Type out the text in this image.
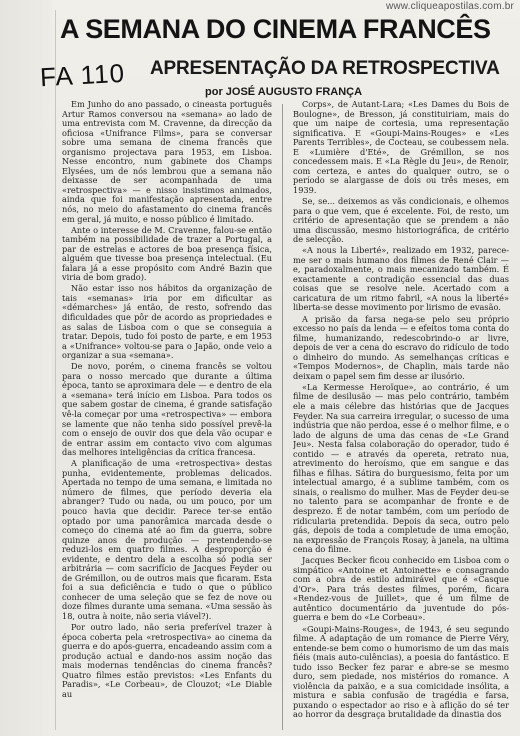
www.cliqueapostilas.com.br
A SEMANA DO CINEMA FRANCÊS
FA 110 APRESENTAÇÃO DA RETROSPECTIVA
por JOSÉ AUGUSTO FRANÇA

Em Junho do ano passado, o cineasta português Artur Ramos conversou na «semana» ao lado de uma entrevista com M. Cravenne, da direcção da oficiosa «Unifrance Films», para se conversar sobre uma semana de cinema francês que organismo projectava para 1953, em Lisboa. Nesse encontro, num gabinete dos Champs Elysées, um de nós lembrou que a semana não deixasse de ser acompanhada de uma «retrospectiva» — e nisso insistimos animados, ainda que foi manifestação apresentada, entre nós, no meio do afastamento do cinema francês em geral, já muito, e nosso público é limitado.

Ante o interesse de M. Cravenne, falou-se então também na possibilidade de trazer a Portugal, a par de estrelas e actores de boa presença física, alguém que tivesse boa presença intelectual. (Eu falara já a esse propósito com André Bazin que viria de bom grado).

Não estar isso nos hábitos da organização de tais «semanas» iria por em dificultar as «démarches» já então, de resto, sofrendo das dificuldades que pôr de acordo as propriedades e as salas de Lisboa com o que se conseguia a tratar. Depois, tudo foi posto de parte, e em 1953 a «Unifrance» voltou-se para o Japão, onde veio a organizar a sua «semana».

De novo, porém, o cinema francês se voltou para o nosso mercado que durante a última época, tanto se aproximara dele — e dentro de ela a «semana» terá início em Lisboa. Para todos os que sabem gostar de cinema, é grande satisfação vê-la começar por uma «retrospectiva» — embora se lamente que não tenha sido possível prevê-la com o ensejo de ouvir dos que dela vão ocupar e de entrar assim em contacto vivo com algumas das melhores inteligências da crítica francesa.

A planificação de uma «retrospectiva» destas punha, evidentemente, problemas delicados. Apertada no tempo de uma semana, e limitada no número de filmes, que período deveria ela abranger? Tudo ou nada, ou um pouco, por um pouco havia que decidir. Parece ter-se então optado por uma panorâmica marcada desde o começo do cinema até ao fim da guerra, sobre quinze anos de produção — pretendendo-se reduzi-los em quatro filmes. A desproporção é evidente, e dentro dela a escolha só podia ser arbitrária — com sacrifício de Jacques Feyder ou de Grémillon, ou de outros mais que ficaram. Esta foi a sua deficiência e tudo o que o público conhecer de uma seleção que se fez de nove ou doze filmes durante uma semana. «Uma sessão às 18, outra à noite, não seria viável?).

Por outro lado, não seria preferível trazer à época coberta pela «retrospectiva» ao cinema da guerra e do após-guerra, encadeando assim com a produção actual e dando-nos assim noção das mais modernas tendências do cinema francês? Quatro filmes estão previstos: «Les Enfants du Paradis», «Le Corbeau», de Clouzot; «Le Diable au

Corps», de Autant-Lara; «Les Dames du Bois de Boulogne», de Bresson, já constituiriam, mais do que um naipe de cortesia, uma representação significativa. E «Goupi-Mains-Rouges» e «Les Parents Terribles», de Cocteau, se coubessem nela. E «Lumière d'Eté», de Grémillon, se nos concedessem mais. E «La Règle du Jeu», de Renoir, com certeza, e antes do qualquer outro, se o período se alargasse de dois ou três meses, em 1939.

Se, se... deixemos as vãs condicionais, e olhemos para o que vem, que é excelente. Foi, de resto, um critério de apresentação que se prendem a não uma discussão, mesmo historiográfica, de critério de selecção.

«A nous la Liberté», realizado em 1932, parece-me ser o mais humano dos filmes de René Clair — e, paradoxalmente, o mais mecanizado também. É exactamente a contradição essencial das duas coisas que se resolve nele. Acertado com a caricatura de um ritmo fabril, «A nous la liberté» liberta-se desse movimento por lirismo de evasão.

A prisão da farsa nega-se pelo seu próprio excesso no país da lenda — e efeitos toma conta do filme, humanizando, redescobrindo-o ar livre, depois de ver a cena do escravo do ridículo de todo o dinheiro do mundo. As semelhanças críticas e «Tempos Modernos», de Chaplin, mais tarde não deixam o papel sem fim desse ar ilusório.

«La Kermesse Heroïque», ao contrário, é um filme de desilusão — mas pelo contrário, também ele a mais célebre das histórias que de Jacques Feyder. Na sua carreira irregular, o sucesso de uma indústria que não perdoa, esse é o melhor filme, e o lado de alguns de uma das cenas de «Le Grand Jeu». Nesta falsa colaboração do operador, tudo é contido — e através da opereta, retrato nua, atrevimento do heroísmo, que em sangue e das filhas e filhas. Sátira do burguesismo, feita por um intelectual amargo, é a sublime também, com os sinais, o realismo do mulher. Mas de Feyder deu-se no talento para se acompanhar de fronte e de desprezo. É de notar também, com um período de ridicularia pretendida. Depois da seca, outro pelo gás, depois de toda a completude de uma emoção, na expressão de François Rosay, à janela, na ultima cena do filme.

Jacques Becker ficou conhecido em Lisboa com o simpático «Antoine et Antoinette» e consagrando com a obra de estilo admirável que é «Casque d'Or». Para trás destes filmes, porém, ficara «Rendez-vous de Juillet», que é um filme de autêntico documentário da juventude do pós-guerra e bem do «Le Corbeau».

«Goupi-Mains-Rouges», de 1943, é seu segundo filme. A adaptação de um romance de Pierre Véry, entende-se bem como o humorismo de um das mais fiéis (mais auto-culências), a poesia do fantástico. E tudo isso Becker fez parar e abre-se se mesmo duro, sem piedade, nos mistérios do romance. A violência da paixão, e a sua comicidade insólita, a mistura e sabia confusão de tragédia e farsa, puxando o espectador ao riso e à aflição do sé ter ao horror da desgraça brutalidade da dinastia dos
